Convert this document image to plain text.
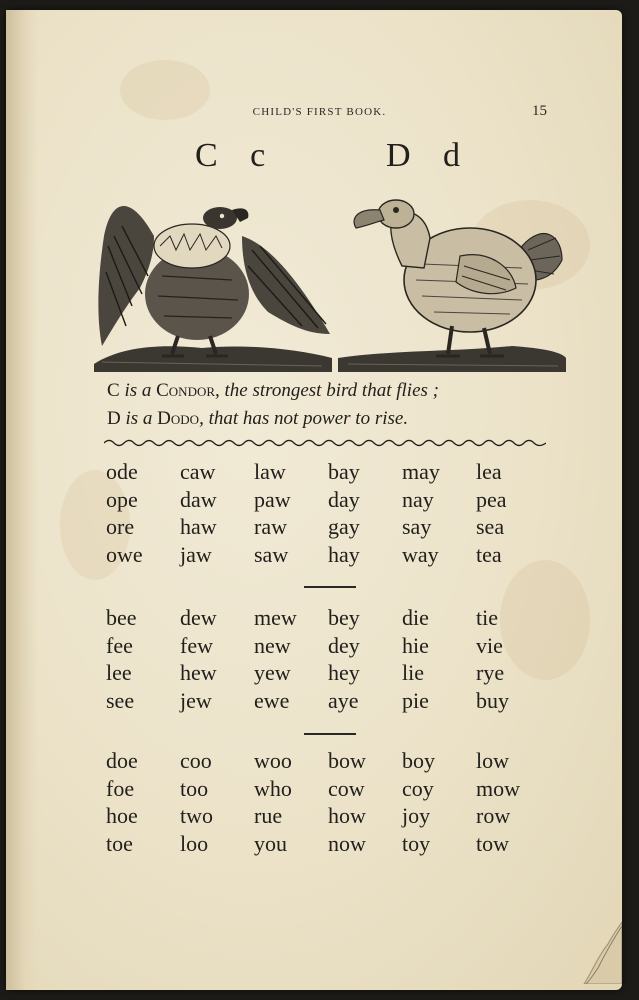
CHILD'S FIRST BOOK.	15
C c	D d
C is a Condor, the strongest bird that flies ;
D is a Dodo, that has not power to rise.
ode	caw	law	bay	may	lea
ope	daw	paw	day	nay	pea
ore	haw	raw	gay	say	sea
owe	jaw	saw	hay	way	tea
bee	dew	mew	bey	die	tie
fee	few	new	dey	hie	vie
lee	hew	yew	hey	lie	rye
see	jew	ewe	aye	pie	buy
doe	coo	woo	bow	boy	low
foe	too	who	cow	coy	mow
hoe	two	rue	how	joy	row
toe	loo	you	now	toy	tow
